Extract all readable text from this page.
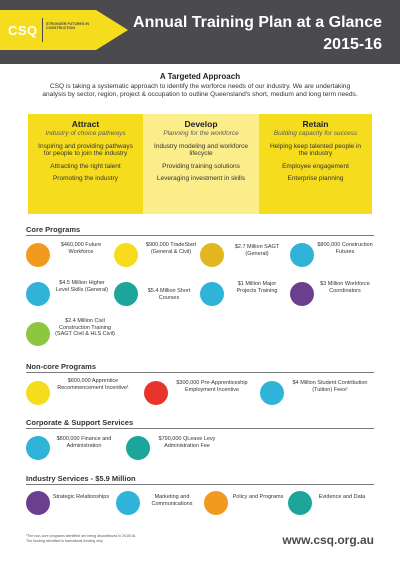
CSQ STRONGER FUTURES IN CONSTRUCTION	Annual Training Plan at a Glance
2015-16
A Targeted Approach
CSQ is taking a systematic approach to identify the worforce needs of our industry. We are undertaking analysis by sector, region, project & occupation to outline Queensland's short, medium and long term needs.
Attract
Industry of choice pathways
Inspiring and providing pathways for people to join the industry
Attracting the right talent
Promoting the industry
Develop
Planning for the workforce
Industry modeling and workforce lifecycle
Providing training solutions
Leveraging investment in skills
Retain
Building capacity for success
Helping keep talented people in the industry
Employee engagement
Enterprise planning
Core Programs
$460,000 Future Workforce
$900,000 TradeStart (General & Civil)
$2.7 Million SAGT (General)
$800,000 Construction Futures
$4.5 Million Higher Level Skills (General)	$5.4 Million Short Courses
$1 Million Major Projects Training
$3 Million Workforce Coordinators
$2.4 Million Civil Construction Training (SAGT Civil & HLS Civil)
Non-core Programs
$600,000 Apprentice Recommencement Incentive¹
$300,000 Pre-Apprenticeship Employment Incentive
$4 Million Student Contribution (Tuition) Fees¹
Corporate & Support Services
$800,000 Finance and Administration
$790,000 QLeave Levy Administration Fee
Industry Services - $5.9 Million
Strategic Relationships	Marketing and Communications
Policy and Programs	Evidence and Data
¹The non-core programs identified are being discontinued in 2015/16.
The funding identified is transitional funding only.	www.csq.org.au
